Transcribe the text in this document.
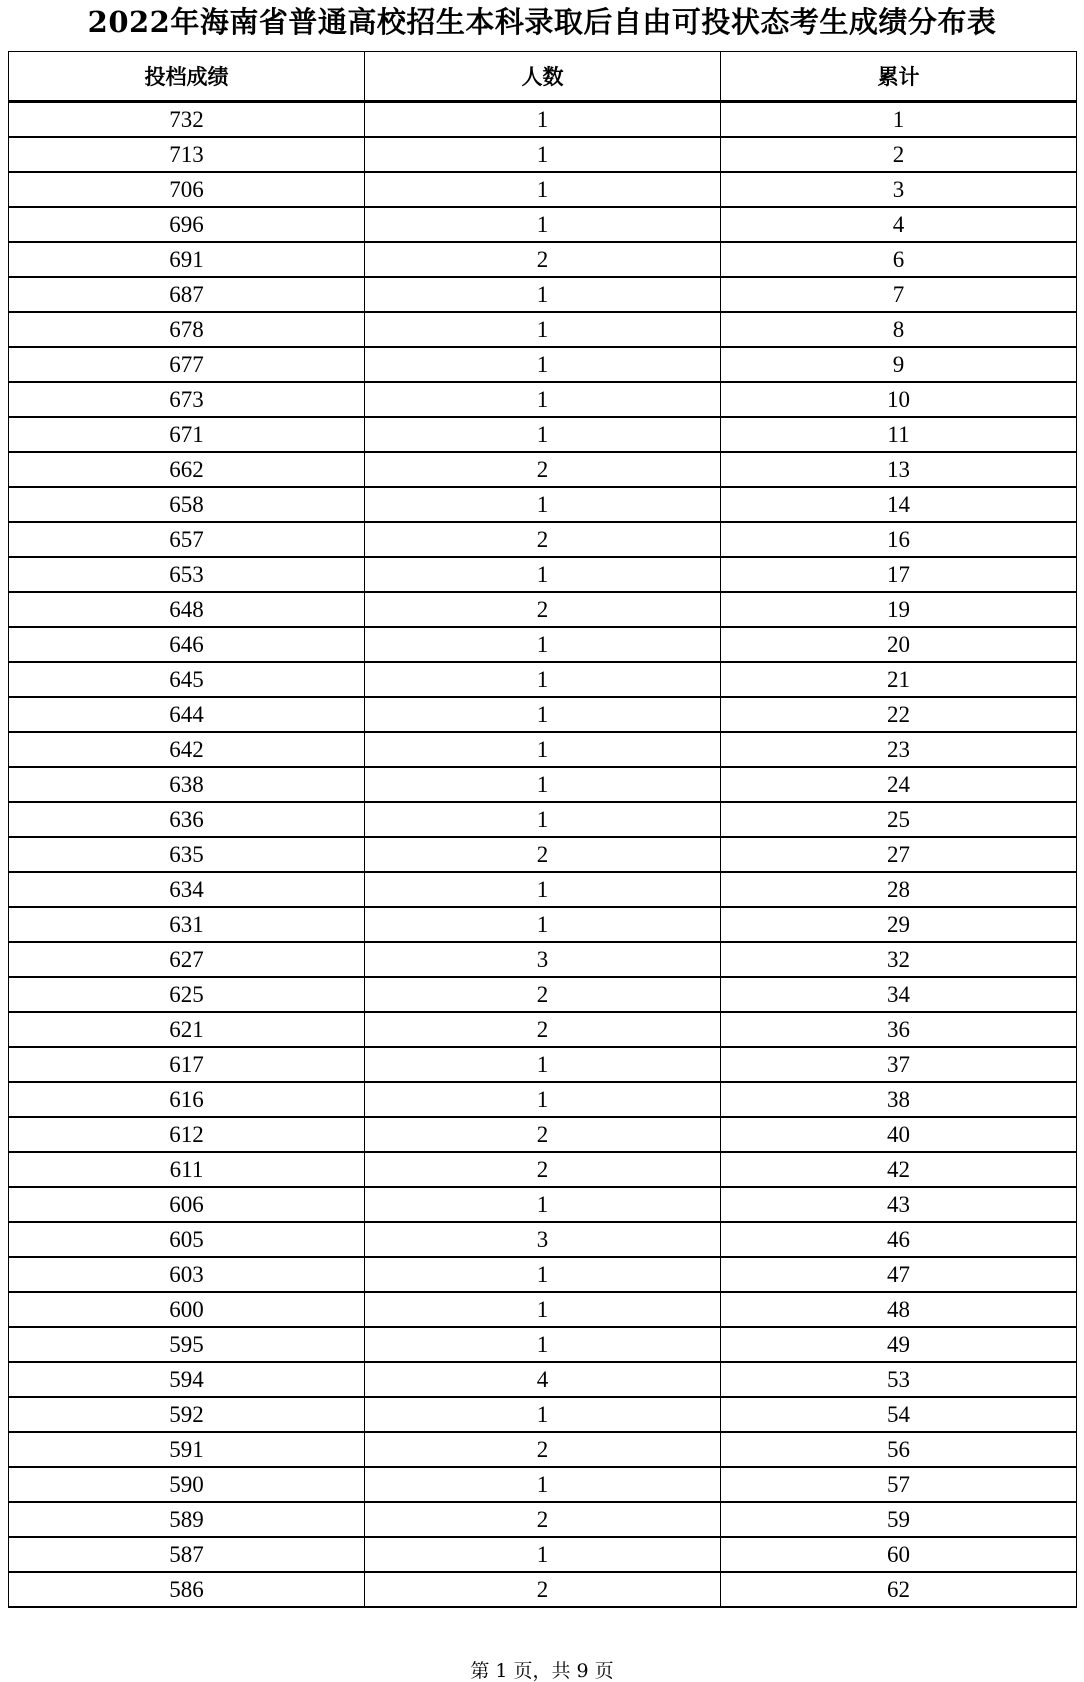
2022年海南省普通高校招生本科录取后自由可投状态考生成绩分布表
投档成绩	人数	累计
732	1	1
713	1	2
706	1	3
696	1	4
691	2	6
687	1	7
678	1	8
677	1	9
673	1	10
671	1	11
662	2	13
658	1	14
657	2	16
653	1	17
648	2	19
646	1	20
645	1	21
644	1	22
642	1	23
638	1	24
636	1	25
635	2	27
634	1	28
631	1	29
627	3	32
625	2	34
621	2	36
617	1	37
616	1	38
612	2	40
611	2	42
606	1	43
605	3	46
603	1	47
600	1	48
595	1	49
594	4	53
592	1	54
591	2	56
590	1	57
589	2	59
587	1	60
586	2	62
第 1 页，共 9 页
